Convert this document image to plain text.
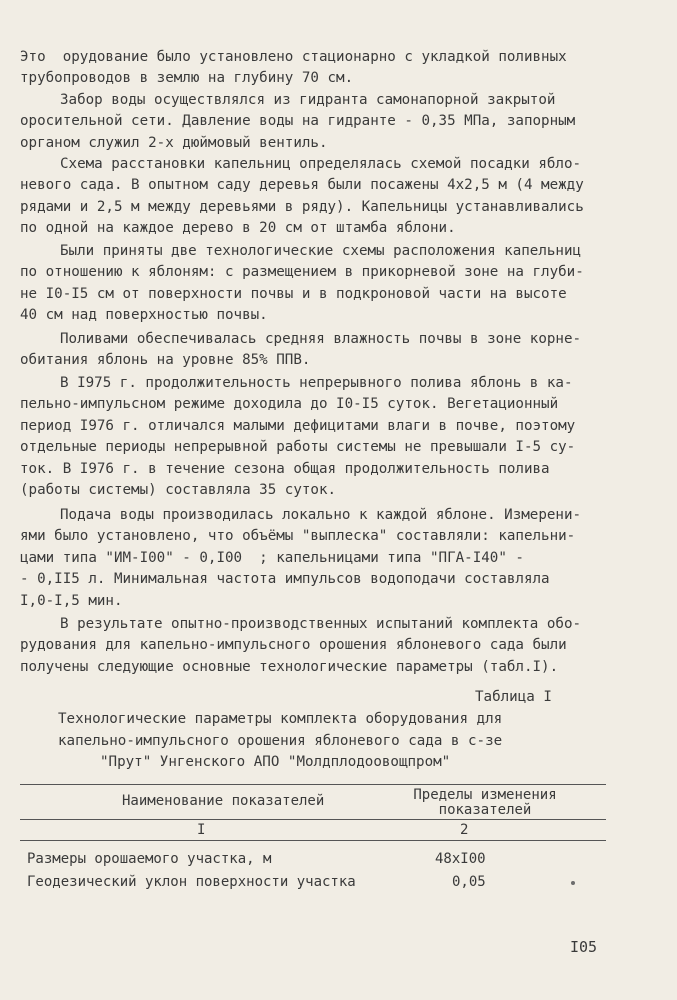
Это  орудование было установлено стационарно с укладкой поливных
трубопроводов в землю на глубину 70 см.
Забор воды осуществлялся из гидранта самонапорной закрытой
оросительной сети. Давление воды на гидранте - 0,35 МПа, запорным
органом служил 2-х дюймовый вентиль.
Схема расстановки капельниц определялась схемой посадки ябло-
невого сада. В опытном саду деревья были посажены 4х2,5 м (4 между
рядами и 2,5 м между деревьями в ряду). Капельницы устанавливались
по одной на каждое дерево в 20 см от штамба яблони.
Были приняты две технологические схемы расположения капельниц
по отношению к яблоням: с размещением в прикорневой зоне на глуби-
не I0-I5 см от поверхности почвы и в подкроновой части на высоте
40 см над поверхностью почвы.
Поливами обеспечивалась средняя влажность почвы в зоне корне-
обитания яблонь на уровне 85% ППВ.
В I975 г. продолжительность непрерывного полива яблонь в ка-
пельно-импульсном режиме доходила до I0-I5 суток. Вегетационный
период I976 г. отличался малыми дефицитами влаги в почве, поэтому
отдельные периоды непрерывной работы системы не превышали I-5 су-
ток. В I976 г. в течение сезона общая продолжительность полива
(работы системы) составляла 35 суток.
Подача воды производилась локально к каждой яблоне. Измерени-
ями было установлено, что объёмы "выплеска" составляли: капельни-
цами типа "ИМ-I00" - 0,I00  ; капельницами типа "ПГА-I40" -
- 0,II5 л. Минимальная частота импульсов водоподачи составляла
I,0-I,5 мин.
В результате опытно-производственных испытаний комплекта обо-
рудования для капельно-импульсного орошения яблоневого сада были
получены следующие основные технологические параметры (табл.I).
Таблица I
Технологические параметры комплекта оборудования для
капельно-импульсного орошения яблоневого сада в с-зе
"Прут" Унгенского АПО "Молдплодоовощпром"
Наименование показателей	Пределы изменения
показателей
I	2
Размеры орошаемого участка, м	48хI00
Геодезический уклон поверхности участка	0,05
I05
